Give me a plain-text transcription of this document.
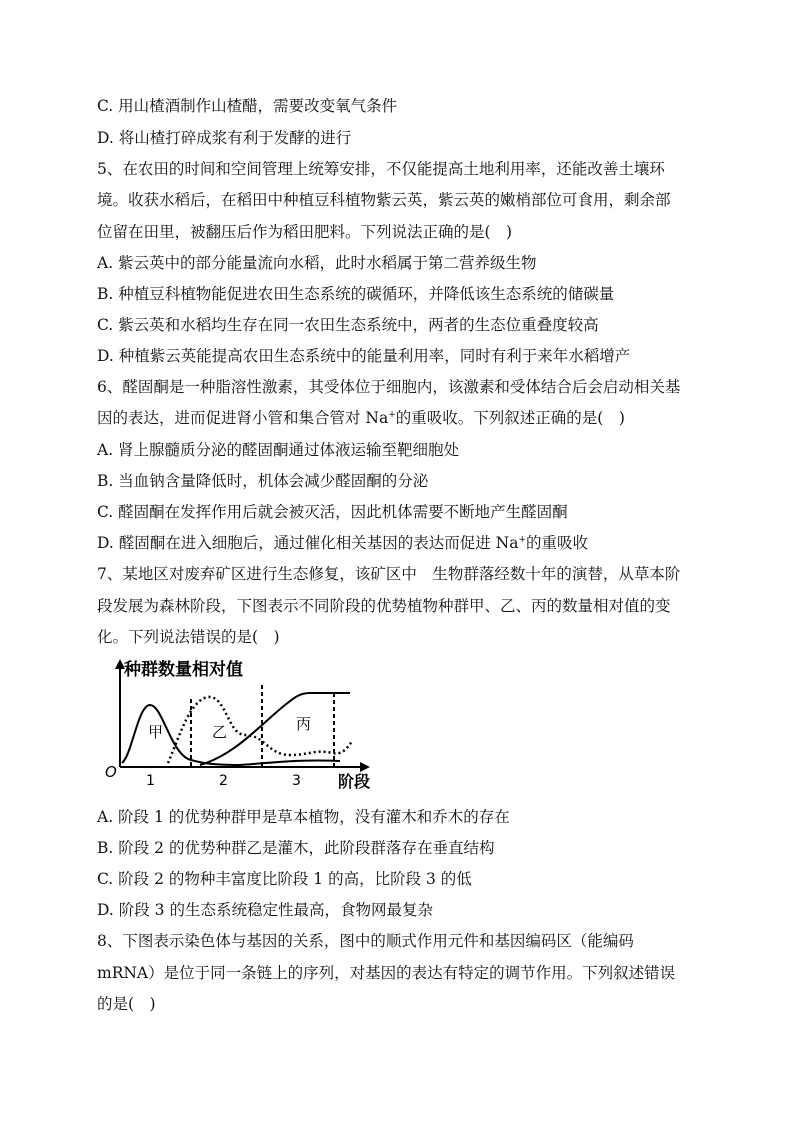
C. 用山楂酒制作山楂醋，需要改变氧气条件
D. 将山楂打碎成浆有利于发酵的进行
5、在农田的时间和空间管理上统筹安排，不仅能提高土地利用率，还能改善土壤环
境。收获水稻后，在稻田中种植豆科植物紫云英，紫云英的嫩梢部位可食用，剩余部
位留在田里，被翻压后作为稻田肥料。下列说法正确的是(　)
A. 紫云英中的部分能量流向水稻，此时水稻属于第二营养级生物
B. 种植豆科植物能促进农田生态系统的碳循环，并降低该生态系统的储碳量
C. 紫云英和水稻均生存在同一农田生态系统中，两者的生态位重叠度较高
D. 种植紫云英能提高农田生态系统中的能量利用率，同时有利于来年水稻增产
6、醛固酮是一种脂溶性激素，其受体位于细胞内，该激素和受体结合后会启动相关基
因的表达，进而促进肾小管和集合管对 Na+的重吸收。下列叙述正确的是(　)
A. 肾上腺髓质分泌的醛固酮通过体液运输至靶细胞处
B. 当血钠含量降低时，机体会减少醛固酮的分泌
C. 醛固酮在发挥作用后就会被灭活，因此机体需要不断地产生醛固酮
D. 醛固酮在进入细胞后，通过催化相关基因的表达而促进 Na+的重吸收
7、某地区对废弃矿区进行生态修复，该矿区中　生物群落经数十年的演替，从草本阶
段发展为森林阶段，下图表示不同阶段的优势植物种群甲、乙、丙的数量相对值的变
化。下列说法错误的是(　)
种群数量相对值
阶段
O 1	2	3
甲	乙	丙
A. 阶段 1 的优势种群甲是草本植物，没有灌木和乔木的存在
B. 阶段 2 的优势种群乙是灌木，此阶段群落存在垂直结构
C. 阶段 2 的物种丰富度比阶段 1 的高，比阶段 3 的低
D. 阶段 3 的生态系统稳定性最高，食物网最复杂
8、下图表示染色体与基因的关系，图中的顺式作用元件和基因编码区（能编码
mRNA）是位于同一条链上的序列，对基因的表达有特定的调节作用。下列叙述错误
的是(　)
